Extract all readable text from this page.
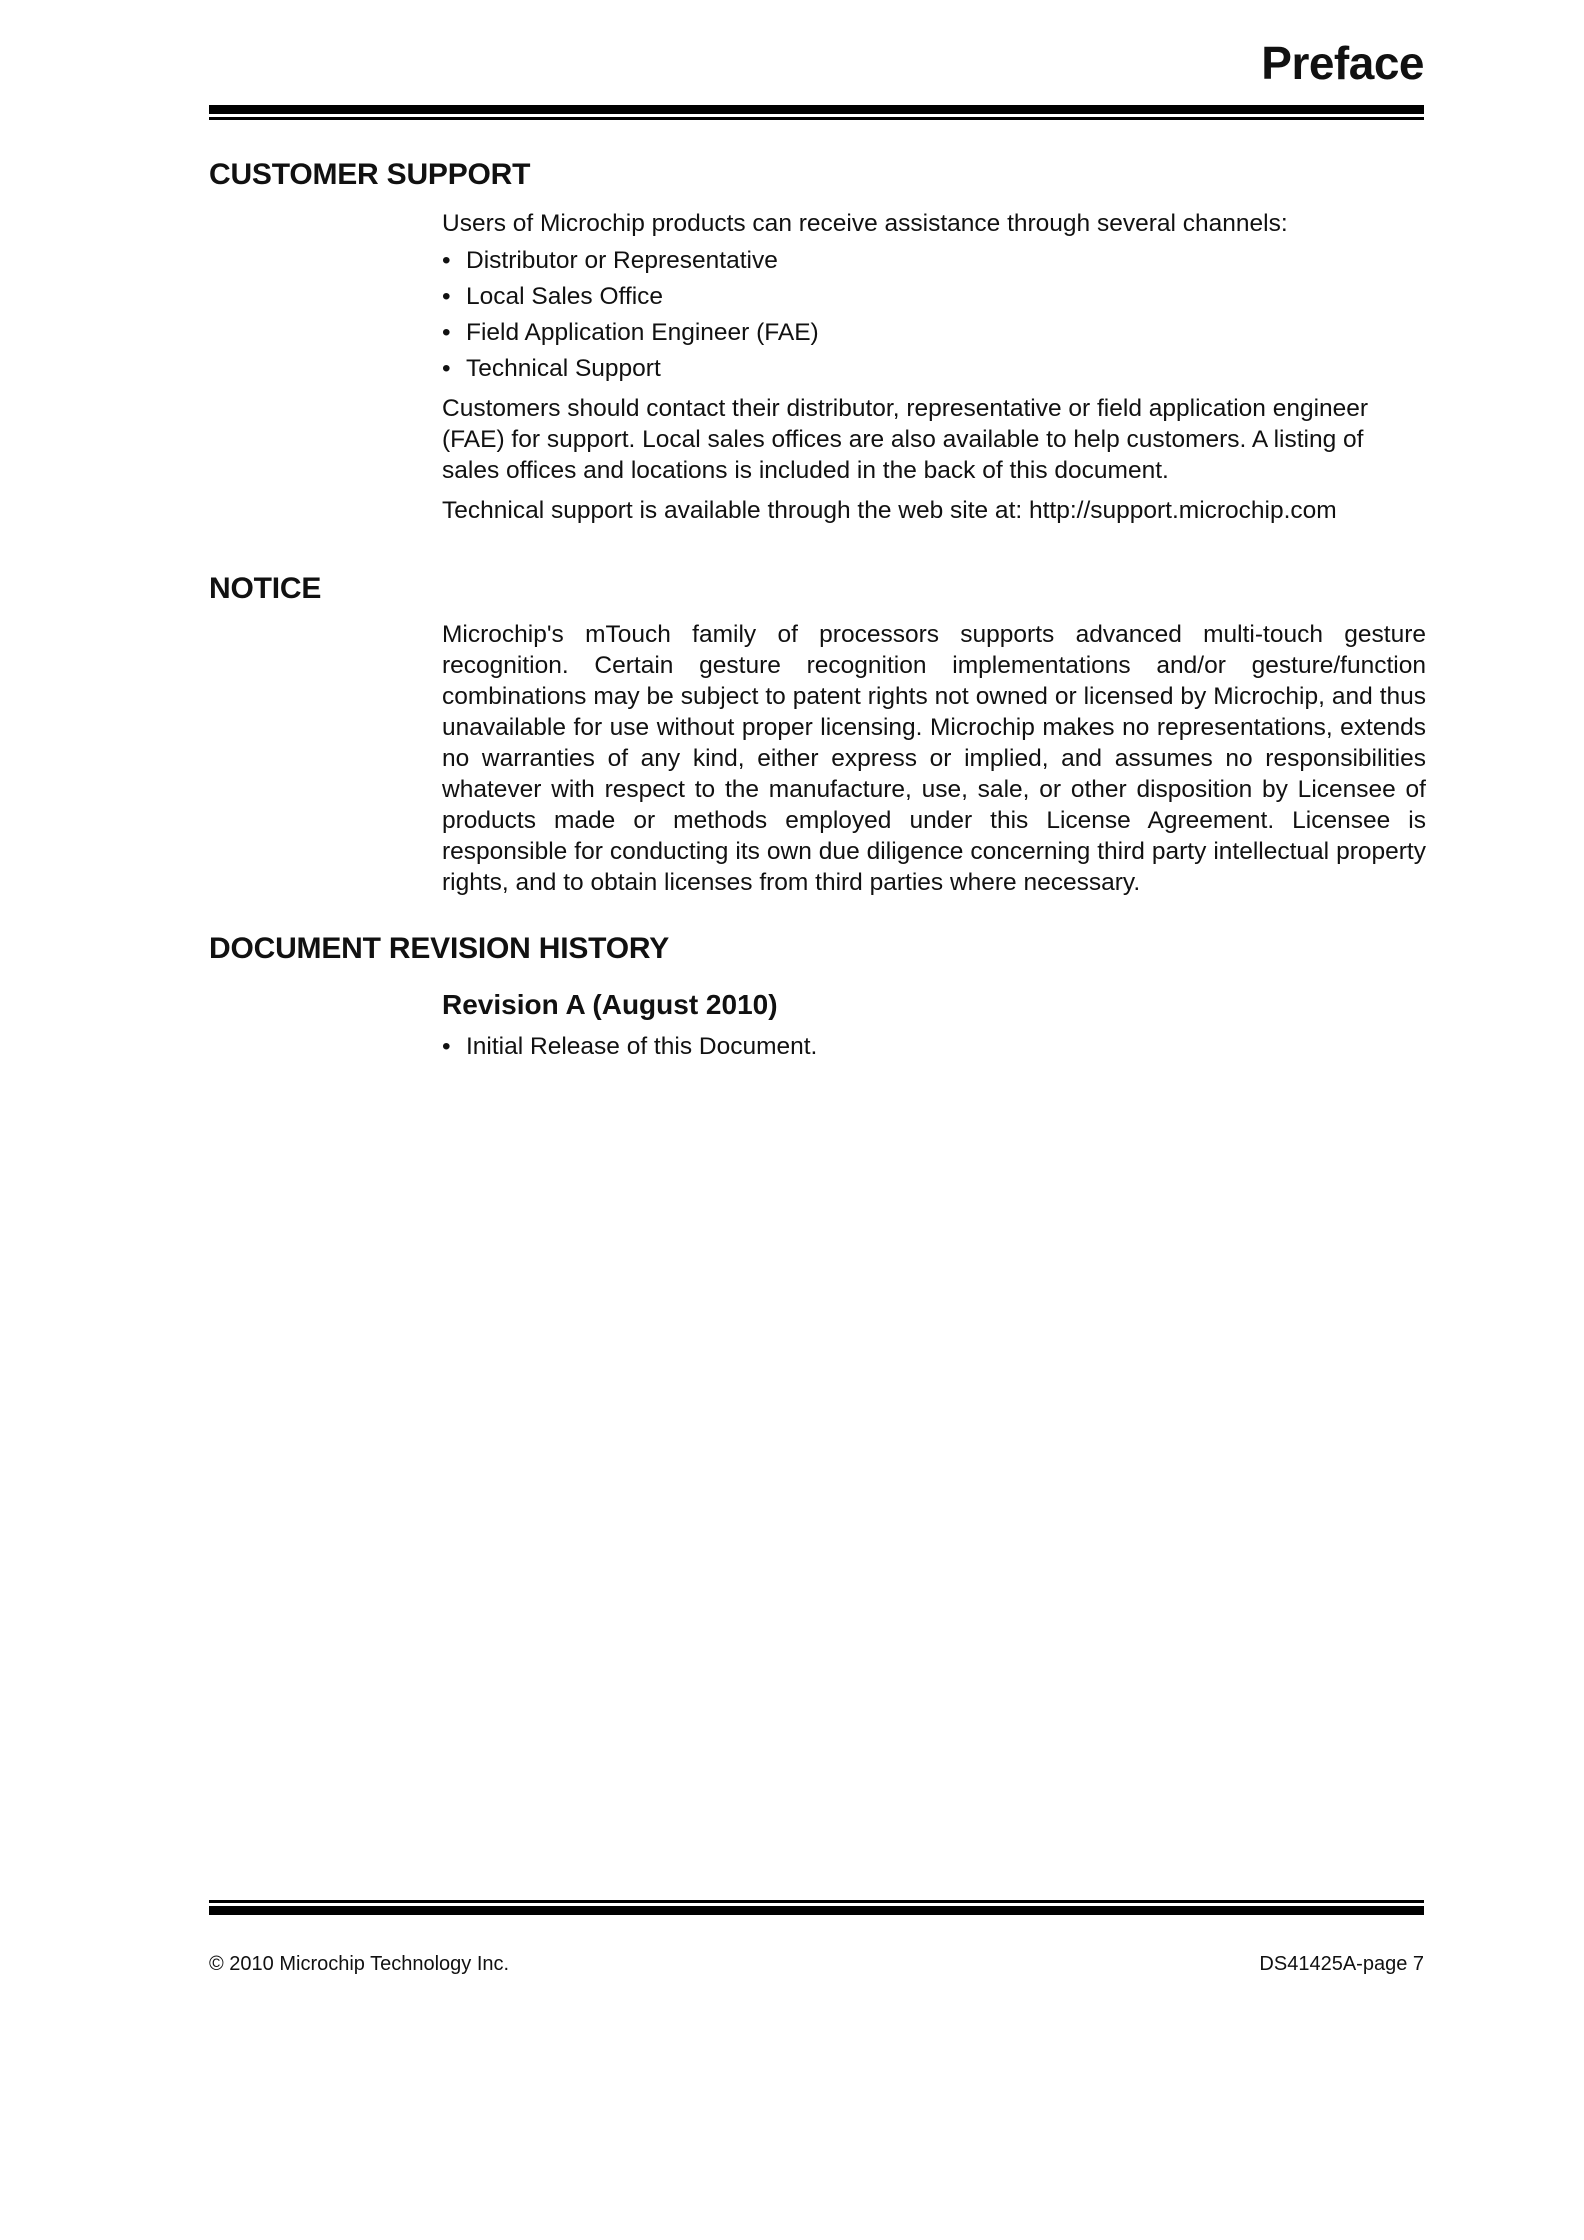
Preface
CUSTOMER SUPPORT

Users of Microchip products can receive assistance through several channels:

• Distributor or Representative
• Local Sales Office
• Field Application Engineer (FAE)
• Technical Support

Customers should contact their distributor, representative or field application engineer (FAE) for support. Local sales offices are also available to help customers. A listing of sales offices and locations is included in the back of this document.

Technical support is available through the web site at: http://support.microchip.com

NOTICE

Microchip's mTouch family of processors supports advanced multi-touch gesture recognition. Certain gesture recognition implementations and/or gesture/function combinations may be subject to patent rights not owned or licensed by Microchip, and thus unavailable for use without proper licensing. Microchip makes no representations, extends no warranties of any kind, either express or implied, and assumes no responsibilities whatever with respect to the manufacture, use, sale, or other disposition by Licensee of products made or methods employed under this License Agreement. Licensee is responsible for conducting its own due diligence concerning third party intellectual property rights, and to obtain licenses from third parties where necessary.

DOCUMENT REVISION HISTORY
Revision A (August 2010)
• Initial Release of this Document.
© 2010 Microchip Technology Inc.	DS41425A-page 7
